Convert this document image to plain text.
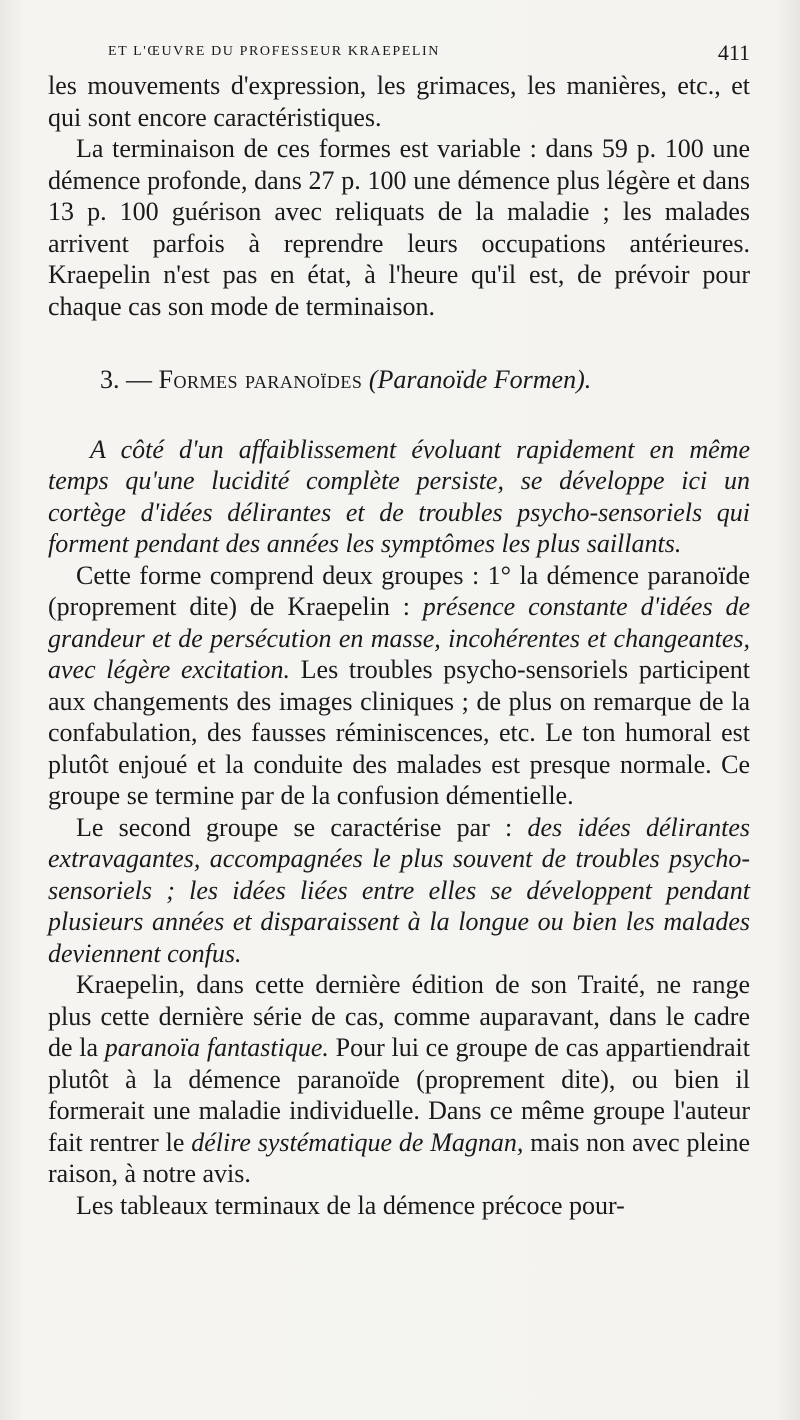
ET L'ŒUVRE DU PROFESSEUR KRAEPELIN	411

les mouvements d'expression, les grimaces, les manières, etc., et qui sont encore caractéristiques.

La terminaison de ces formes est variable : dans 59 p. 100 une démence profonde, dans 27 p. 100 une démence plus légère et dans 13 p. 100 guérison avec reliquats de la maladie ; les malades arrivent parfois à reprendre leurs occupations antérieures. Kraepelin n'est pas en état, à l'heure qu'il est, de prévoir pour chaque cas son mode de terminaison.

3. — Formes paranoïdes (Paranoïde Formen).

A côté d'un affaiblissement évoluant rapidement en même temps qu'une lucidité complète persiste, se développe ici un cortège d'idées délirantes et de troubles psycho-sensoriels qui forment pendant des années les symptômes les plus saillants.

Cette forme comprend deux groupes : 1° la démence paranoïde (proprement dite) de Kraepelin : présence constante d'idées de grandeur et de persécution en masse, incohérentes et changeantes, avec légère excitation. Les troubles psycho-sensoriels participent aux changements des images cliniques ; de plus on remarque de la confabulation, des fausses réminiscences, etc. Le ton humoral est plutôt enjoué et la conduite des malades est presque normale. Ce groupe se termine par de la confusion démentielle.

Le second groupe se caractérise par : des idées délirantes extravagantes, accompagnées le plus souvent de troubles psycho-sensoriels ; les idées liées entre elles se développent pendant plusieurs années et disparaissent à la longue ou bien les malades deviennent confus.

Kraepelin, dans cette dernière édition de son Traité, ne range plus cette dernière série de cas, comme auparavant, dans le cadre de la paranoïa fantastique. Pour lui ce groupe de cas appartiendrait plutôt à la démence paranoïde (proprement dite), ou bien il formerait une maladie individuelle. Dans ce même groupe l'auteur fait rentrer le délire systématique de Magnan, mais non avec pleine raison, à notre avis.

Les tableaux terminaux de la démence précoce pour-
